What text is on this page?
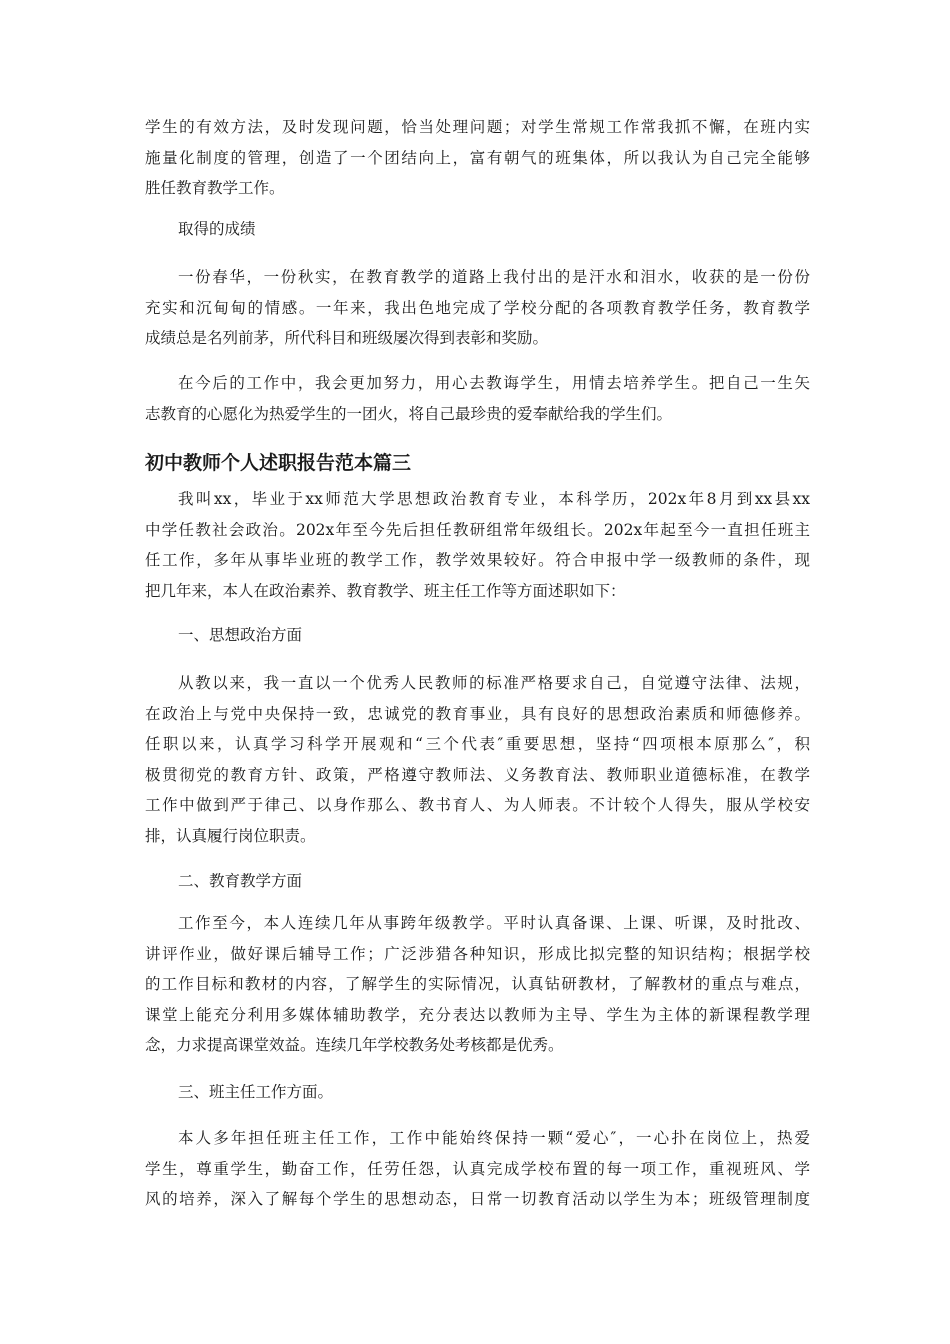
学生的有效方法，及时发现问题，恰当处理问题；对学生常规工作常我抓不懈，在班内实
施量化制度的管理，创造了一个团结向上，富有朝气的班集体，所以我认为自己完全能够
胜任教育教学工作。
取得的成绩
一份春华，一份秋实，在教育教学的道路上我付出的是汗水和泪水，收获的是一份份
充实和沉甸甸的情感。一年来，我出色地完成了学校分配的各项教育教学任务，教育教学
成绩总是名列前茅，所代科目和班级屡次得到表彰和奖励。
在今后的工作中，我会更加努力，用心去教诲学生，用情去培养学生。把自己一生矢
志教育的心愿化为热爱学生的一团火，将自己最珍贵的爱奉献给我的学生们。
初中教师个人述职报告范本篇三
我叫xx，毕业于xx师范大学思想政治教育专业，本科学历，202x年8月到xx县xx
中学任教社会政治。202x年至今先后担任教研组常年级组长。202x年起至今一直担任班主
任工作，多年从事毕业班的教学工作，教学效果较好。符合申报中学一级教师的条件，现
把几年来，本人在政治素养、教育教学、班主任工作等方面述职如下：
一、思想政治方面
从教以来，我一直以一个优秀人民教师的标准严格要求自己，自觉遵守法律、法规，
在政治上与党中央保持一致，忠诚党的教育事业，具有良好的思想政治素质和师德修养。
任职以来，认真学习科学开展观和“三个代表″重要思想，坚持“四项根本原那么″，积
极贯彻党的教育方针、政策，严格遵守教师法、义务教育法、教师职业道德标准，在教学
工作中做到严于律己、以身作那么、教书育人、为人师表。不计较个人得失，服从学校安
排，认真履行岗位职责。
二、教育教学方面
工作至今，本人连续几年从事跨年级教学。平时认真备课、上课、听课，及时批改、
讲评作业，做好课后辅导工作；广泛涉猎各种知识，形成比拟完整的知识结构；根据学校
的工作目标和教材的内容，了解学生的实际情况，认真钻研教材，了解教材的重点与难点，
课堂上能充分利用多媒体辅助教学，充分表达以教师为主导、学生为主体的新课程教学理
念，力求提高课堂效益。连续几年学校教务处考核都是优秀。
三、班主任工作方面。
本人多年担任班主任工作，工作中能始终保持一颗“爱心″，一心扑在岗位上，热爱
学生，尊重学生，勤奋工作，任劳任怨，认真完成学校布置的每一项工作，重视班风、学
风的培养，深入了解每个学生的思想动态，日常一切教育活动以学生为本；班级管理制度
